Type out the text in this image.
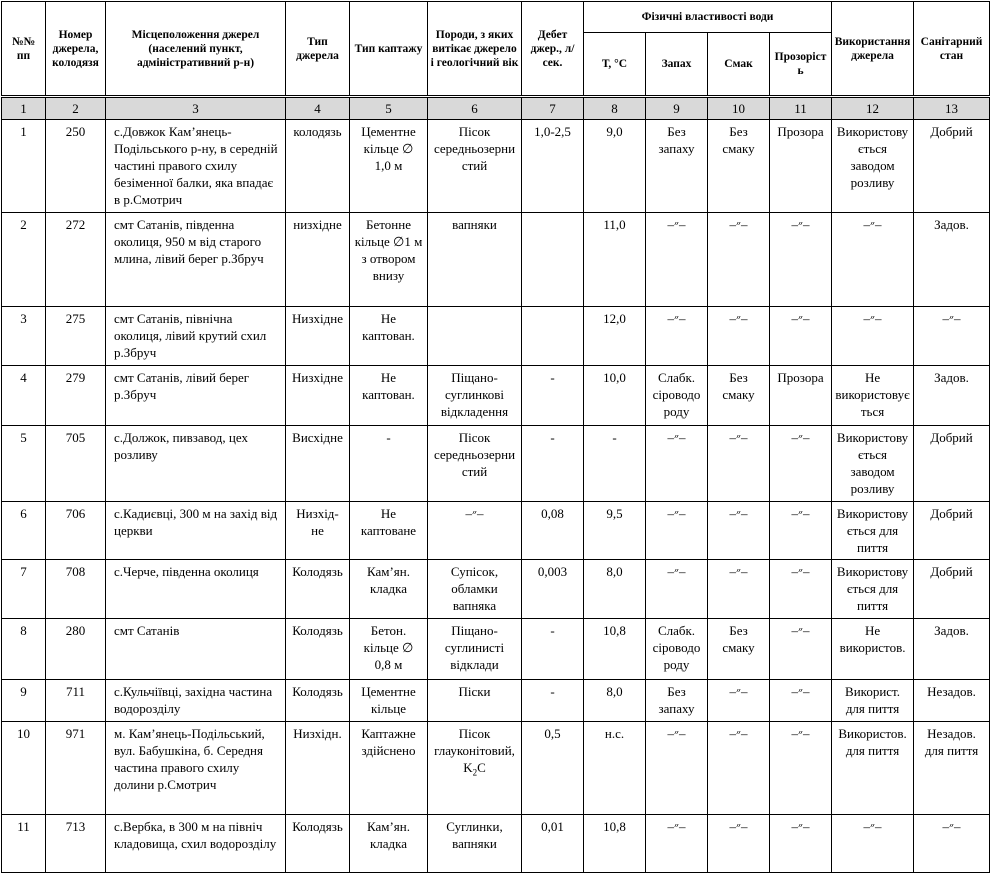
№№ пп	Номер джерела, колодязя	Місцеположення джерел (населений пункт, адміністративний р-н)	Тип джерела	Тип каптажу	Породи, з яких витікає джерело і геологічний вік	Дебет джер., л/сек.	Фізичні властивості води				Використання джерела	Санітарний стан
							Т, °С	Запах	Смак	Прозорість		
1	2	3	4	5	6	7	8	9	10	11	12	13
1	250	с.Довжок Кам’янець-Подільського р-ну, в середній частині правого схилу безіменної балки, яка впадає в р.Смотрич	колодязь	Цементне кільце ∅ 1,0 м	Пісок середньозернистий	1,0-2,5	9,0	Без запаху	Без смаку	Прозора	Використовується заводом розливу	Добрий
2	272	смт Сатанів, південна околиця, 950 м від старого млина, лівий берег р.Збруч	низхідне	Бетонне кільце ∅1 м з отвором внизу	вапняки		11,0	–״–	–״–	–״–	–״–	Задов.
3	275	смт Сатанів, північна околиця, лівий крутий схил р.Збруч	Низхідне	Не каптован.			12,0	–״–	–״–	–״–	–״–	–״–
4	279	смт Сатанів, лівий берег р.Збруч	Низхідне	Не каптован.	Піщано-суглинкові відкладення	-	10,0	Слабк. сіроводороду	Без смаку	Прозора	Не використовується	Задов.
5	705	с.Должок, пивзавод, цех розливу	Висхідне	-	Пісок середньозернистий	-	-	–״–	–״–	–״–	Використовується заводом розливу	Добрий
6	706	с.Кадиєвці, 300 м на захід від церкви	Низхід-не	Не каптоване	–״–	0,08	9,5	–״–	–״–	–״–	Використовується для пиття	Добрий
7	708	с.Черче, південна околиця	Колодязь	Кам’ян. кладка	Супісок, обламки вапняка	0,003	8,0	–״–	–״–	–״–	Використовується для пиття	Добрий
8	280	смт Сатанів	Колодязь	Бетон. кільце ∅ 0,8 м	Піщано-суглинисті відклади	-	10,8	Слабк. сіроводороду	Без смаку	–״–	Не використов.	Задов.
9	711	с.Кульчіївці, західна частина водорозділу	Колодязь	Цементне кільце	Піски	-	8,0	Без запаху	–״–	–״–	Використ. для пиття	Незадов.
10	971	м. Кам’янець-Подільський, вул. Бабушкіна, б. Середня частина правого схилу долини р.Смотрич	Низхідн.	Каптажне здійснено	Пісок глауконітовий, $K_2C$	0,5	н.с.	–״–	–״–	–״–	Використов. для пиття	Незадов. для пиття
11	713	с.Вербка, в 300 м на північ кладовища, схил водорозділу	Колодязь	Кам’ян. кладка	Суглинки, вапняки	0,01	10,8	–״–	–״–	–״–	–״–	–״–
